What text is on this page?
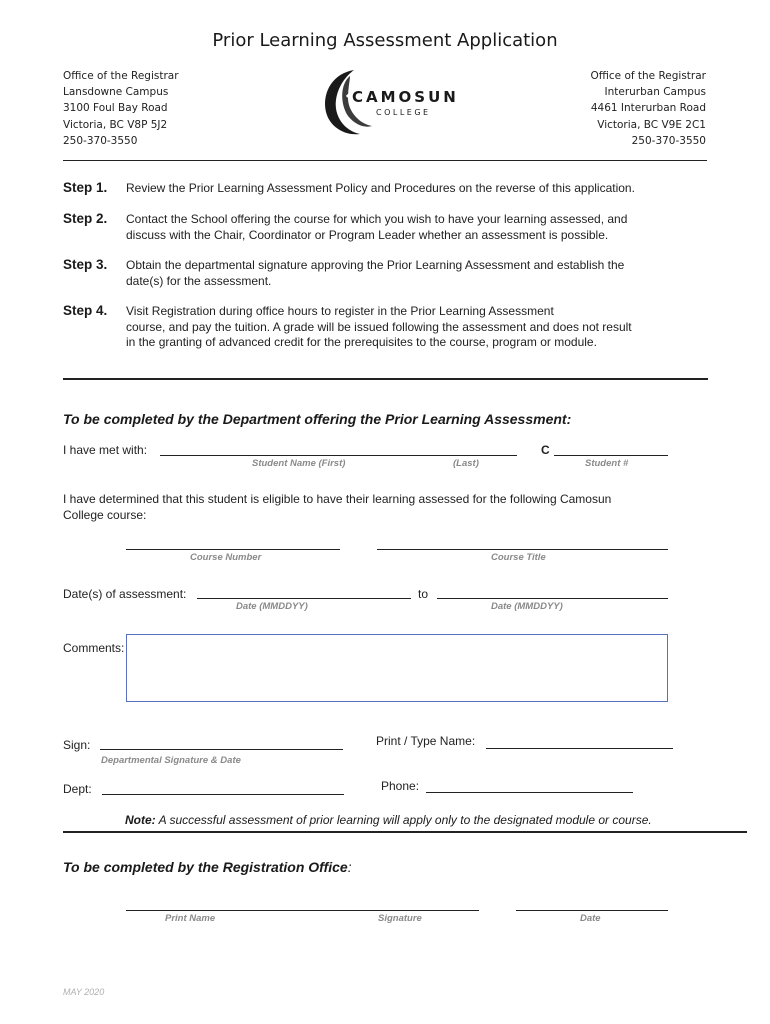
Prior Learning Assessment Application
Office of the Registrar
Lansdowne Campus
3100 Foul Bay Road
Victoria, BC V8P 5J2
250-370-3550
CAMOSUN
COLLEGE
Office of the Registrar
Interurban Campus
4461 Interurban Road
Victoria, BC V9E 2C1
250-370-3550
Step 1. Review the Prior Learning Assessment Policy and Procedures on the reverse of this application.
Step 2. Contact the School offering the course for which you wish to have your learning assessed, and
discuss with the Chair, Coordinator or Program Leader whether an assessment is possible.
Step 3. Obtain the departmental signature approving the Prior Learning Assessment and establish the
date(s) for the assessment.
Step 4. Visit Registration during office hours to register in the Prior Learning Assessment
course, and pay the tuition. A grade will be issued following the assessment and does not result
in the granting of advanced credit for the prerequisites to the course, program or module.
To be completed by the Department offering the Prior Learning Assessment:
I have met with:	C
Student Name (First)	(Last)	Student #
I have determined that this student is eligible to have their learning assessed for the following Camosun
College course:
Course Number	Course Title
Date(s) of assessment:	to
Date (MMDDYY)	Date (MMDDYY)
Comments:
Sign:
Departmental Signature & Date
Print / Type Name:
Dept:	Phone:
Note: A successful assessment of prior learning will apply only to the designated module or course.
To be completed by the Registration Office:
Print Name	Signature	Date
MAY 2020
